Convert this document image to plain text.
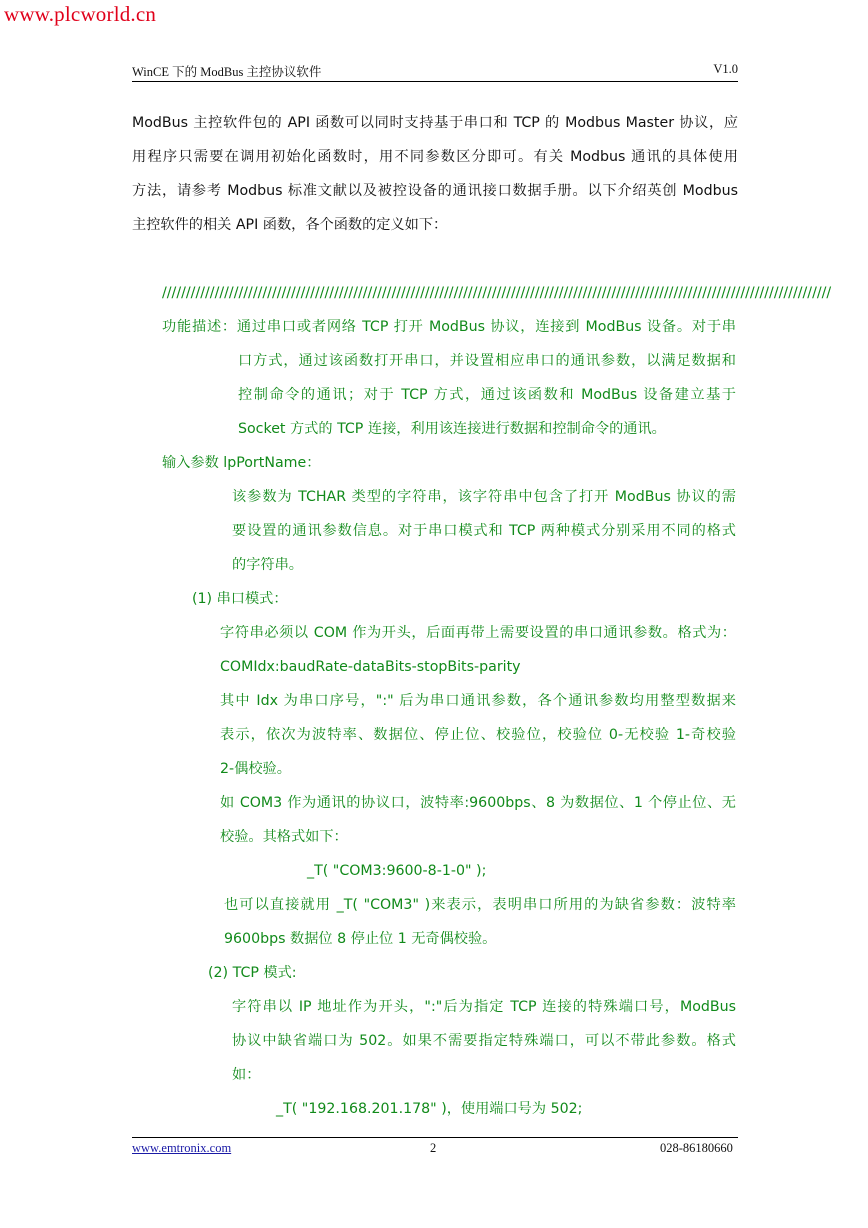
www.plcworld.cn
WinCE 下的 ModBus 主控协议软件	V1.0
ModBus 主控软件包的 API 函数可以同时支持基于串口和 TCP 的 Modbus Master 协议，应
用程序只需要在调用初始化函数时，用不同参数区分即可。有关 Modbus 通讯的具体使用
方法，请参考 Modbus 标准文献以及被控设备的通讯接口数据手册。以下介绍英创 Modbus
主控软件的相关 API 函数，各个函数的定义如下：
////////////////////////////////////////////////////////////////////////////////////////////////////////////////////////////////////////////
功能描述：通过串口或者网络 TCP 打开 ModBus 协议，连接到 ModBus 设备。对于串
口方式，通过该函数打开串口，并设置相应串口的通讯参数，以满足数据和
控制命令的通讯；对于 TCP 方式，通过该函数和 ModBus 设备建立基于
Socket 方式的 TCP 连接，利用该连接进行数据和控制命令的通讯。
输入参数 lpPortName：
该参数为 TCHAR 类型的字符串，该字符串中包含了打开 ModBus 协议的需
要设置的通讯参数信息。对于串口模式和 TCP 两种模式分别采用不同的格式
的字符串。
(1) 串口模式：
字符串必须以 COM 作为开头，后面再带上需要设置的串口通讯参数。格式为：
COMIdx:baudRate-dataBits-stopBits-parity
其中 Idx 为串口序号，":" 后为串口通讯参数，各个通讯参数均用整型数据来
表示，依次为波特率、数据位、停止位、校验位，校验位 0-无校验 1-奇校验
2-偶校验。
如 COM3 作为通讯的协议口，波特率:9600bps、8 为数据位、1 个停止位、无
校验。其格式如下：
_T( "COM3:9600-8-1-0" );
也可以直接就用 _T( "COM3" )来表示，表明串口所用的为缺省参数：波特率
9600bps 数据位 8 停止位 1 无奇偶校验。
(2) TCP 模式:
字符串以 IP 地址作为开头，":"后为指定 TCP 连接的特殊端口号，ModBus
协议中缺省端口为 502。如果不需要指定特殊端口，可以不带此参数。格式
如：
_T( "192.168.201.178" )，使用端口号为 502;
www.emtronix.com	2	028-86180660
